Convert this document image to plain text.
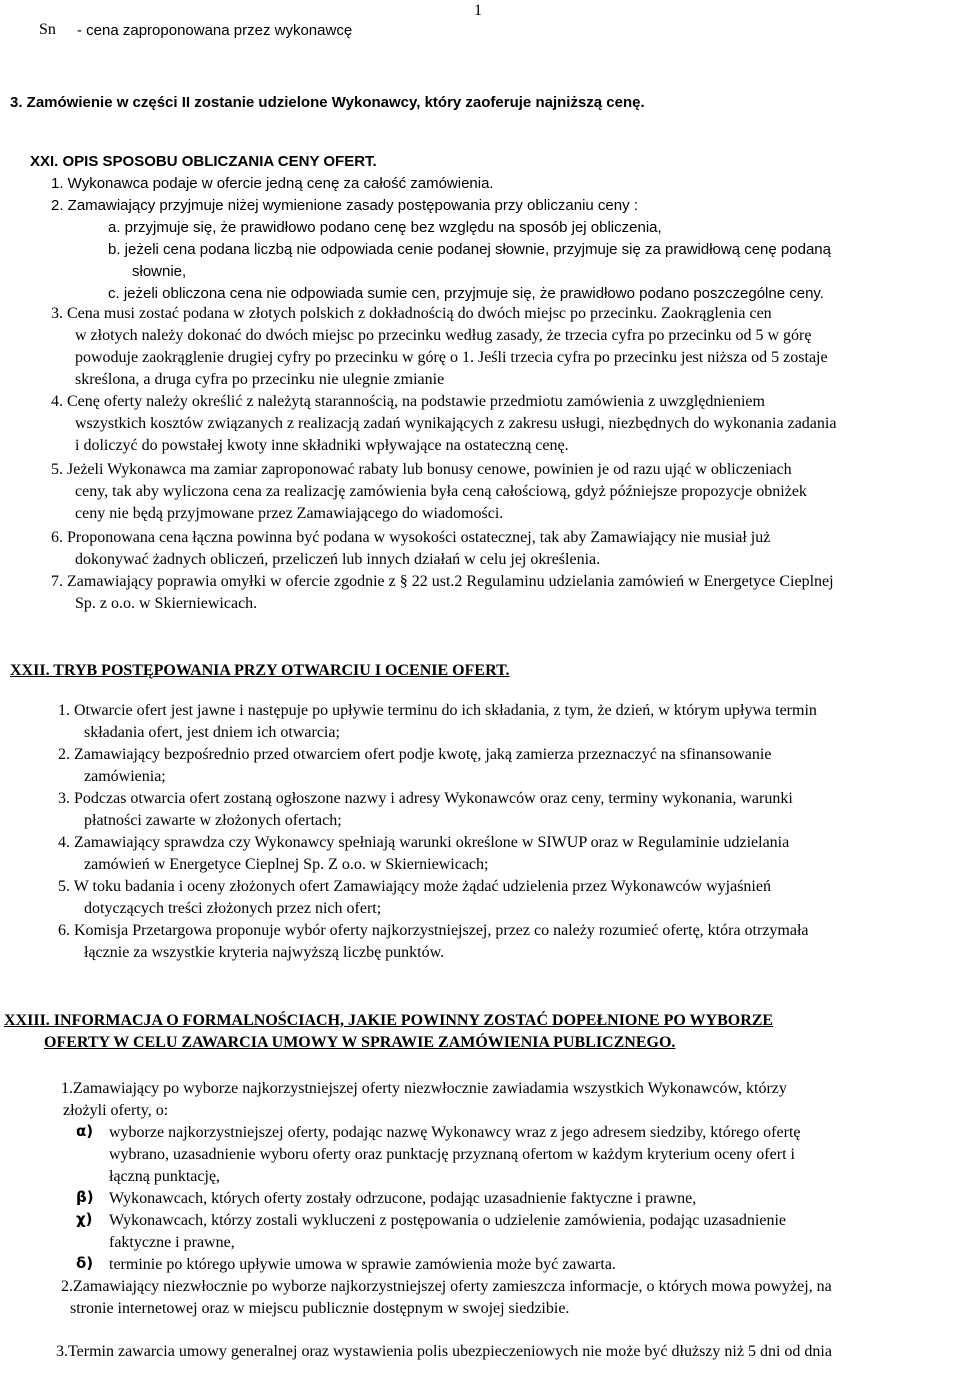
Sn - cena zaproponowana przez wykonawcę
1
3. Zamówienie w części II zostanie udzielone Wykonawcy, który zaoferuje najniższą cenę.
XXI. OPIS SPOSOBU OBLICZANIA CENY OFERT.
1. Wykonawca podaje w ofercie jedną cenę za całość zamówienia.
2. Zamawiający przyjmuje niżej wymienione zasady postępowania przy obliczaniu ceny :
a. przyjmuje się, że prawidłowo podano cenę bez względu na sposób jej obliczenia,
b. jeżeli cena podana liczbą nie odpowiada cenie podanej słownie, przyjmuje się za prawidłową cenę podaną
słownie,
c. jeżeli obliczona cena nie odpowiada sumie cen, przyjmuje się, że prawidłowo podano poszczególne ceny.
3. Cena musi zostać podana w złotych polskich z dokładnością do dwóch miejsc po przecinku. Zaokrąglenia cen
w złotych należy dokonać do dwóch miejsc po przecinku według zasady, że trzecia cyfra po przecinku od 5 w górę
powoduje zaokrąglenie drugiej cyfry po przecinku w górę o 1. Jeśli trzecia cyfra po przecinku jest niższa od 5 zostaje
skreślona, a druga cyfra po przecinku nie ulegnie zmianie
4. Cenę oferty należy określić z należytą starannością, na podstawie przedmiotu zamówienia z uwzględnieniem
wszystkich kosztów związanych z realizacją zadań wynikających z zakresu usługi, niezbędnych do wykonania zadania
i doliczyć do powstałej kwoty inne składniki wpływające na ostateczną cenę.
5. Jeżeli Wykonawca ma zamiar zaproponować rabaty lub bonusy cenowe, powinien je od razu ująć w obliczeniach
ceny, tak aby wyliczona cena za realizację zamówienia była ceną całościową, gdyż późniejsze propozycje obniżek
ceny nie będą przyjmowane przez Zamawiającego do wiadomości.
6. Proponowana cena łączna powinna być podana w wysokości ostatecznej, tak aby Zamawiający nie musiał już
dokonywać żadnych obliczeń, przeliczeń lub innych działań w celu jej określenia.
7. Zamawiający poprawia omyłki w ofercie zgodnie z § 22 ust.2 Regulaminu udzielania zamówień w Energetyce Cieplnej
Sp. z o.o. w Skierniewicach.
XXII. TRYB POSTĘPOWANIA PRZY OTWARCIU I OCENIE OFERT.
1. Otwarcie ofert jest jawne i następuje po upływie terminu do ich składania, z tym, że dzień, w którym upływa termin
składania ofert, jest dniem ich otwarcia;
2. Zamawiający bezpośrednio przed otwarciem ofert podje kwotę, jaką zamierza przeznaczyć na sfinansowanie
zamówienia;
3. Podczas otwarcia ofert zostaną ogłoszone nazwy i adresy Wykonawców oraz ceny, terminy wykonania, warunki
płatności zawarte w złożonych ofertach;
4. Zamawiający sprawdza czy Wykonawcy spełniają warunki określone w SIWUP oraz w Regulaminie udzielania
zamówień w Energetyce Cieplnej Sp. Z o.o. w Skierniewicach;
5. W toku badania i oceny złożonych ofert Zamawiający może żądać udzielenia przez Wykonawców wyjaśnień
dotyczących treści złożonych przez nich ofert;
6. Komisja Przetargowa proponuje wybór oferty najkorzystniejszej, przez co należy rozumieć ofertę, która otrzymała
łącznie za wszystkie kryteria najwyższą liczbę punktów.
XXIII. INFORMACJA O FORMALNOŚCIACH, JAKIE POWINNY ZOSTAĆ DOPEŁNIONE PO WYBORZE
OFERTY W CELU ZAWARCIA UMOWY W SPRAWIE ZAMÓWIENIA PUBLICZNEGO.
1.Zamawiający po wyborze najkorzystniejszej oferty niezwłocznie zawiadamia wszystkich Wykonawców, którzy
złożyli oferty, o:
α) wyborze najkorzystniejszej oferty, podając nazwę Wykonawcy wraz z jego adresem siedziby, którego ofertę
wybrano, uzasadnienie wyboru oferty oraz punktację przyznaną ofertom w każdym kryterium oceny ofert i
łączną punktację,
β) Wykonawcach, których oferty zostały odrzucone, podając uzasadnienie faktyczne i prawne,
χ) Wykonawcach, którzy zostali wykluczeni z postępowania o udzielenie zamówienia, podając uzasadnienie
faktyczne i prawne,
δ) terminie po którego upływie umowa w sprawie zamówienia może być zawarta.
2.Zamawiający niezwłocznie po wyborze najkorzystniejszej oferty zamieszcza informacje, o których mowa powyżej, na
stronie internetowej oraz w miejscu publicznie dostępnym w swojej siedzibie.
3.Termin zawarcia umowy generalnej oraz wystawienia polis ubezpieczeniowych nie może być dłuższy niż 5 dni od dnia
